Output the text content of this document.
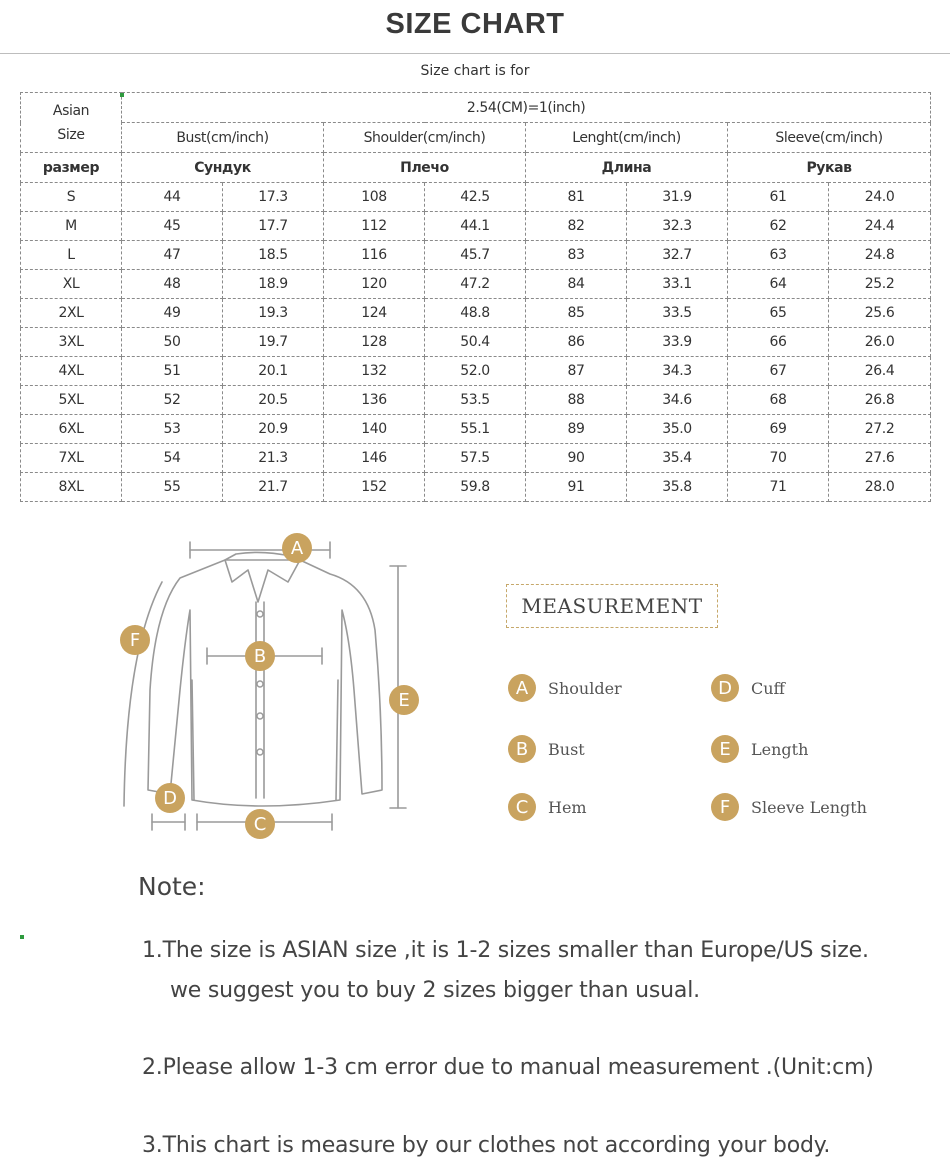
SIZE CHART
Size chart is for
Asian
Size	2.54(CM)=1(inch)							
	Bust(cm/inch)		Shoulder(cm/inch)		Lenght(cm/inch)		Sleeve(cm/inch)	
размер	Сундук		Плечо		Длина		Рукав	
S	44	17.3	108	42.5	81	31.9	61	24.0
M	45	17.7	112	44.1	82	32.3	62	24.4
L	47	18.5	116	45.7	83	32.7	63	24.8
XL	48	18.9	120	47.2	84	33.1	64	25.2
2XL	49	19.3	124	48.8	85	33.5	65	25.6
3XL	50	19.7	128	50.4	86	33.9	66	26.0
4XL	51	20.1	132	52.0	87	34.3	67	26.4
5XL	52	20.5	136	53.5	88	34.6	68	26.8
6XL	53	20.9	140	55.1	89	35.0	69	27.2
7XL	54	21.3	146	57.5	90	35.4	70	27.6
8XL	55	21.7	152	59.8	91	35.8	71	28.0
A
B
C
D
E
F
MEASUREMENT
A	Shoulder	D	Cuff
B	Bust	E	Length
C	Hem	F	Sleeve Length
Note:
1.The size is ASIAN size ,it is 1-2 sizes smaller than Europe/US size.
we suggest you to buy 2 sizes bigger than usual.
2.Please allow 1-3 cm error due to manual measurement .(Unit:cm)
3.This chart is measure by our clothes not according your body.
